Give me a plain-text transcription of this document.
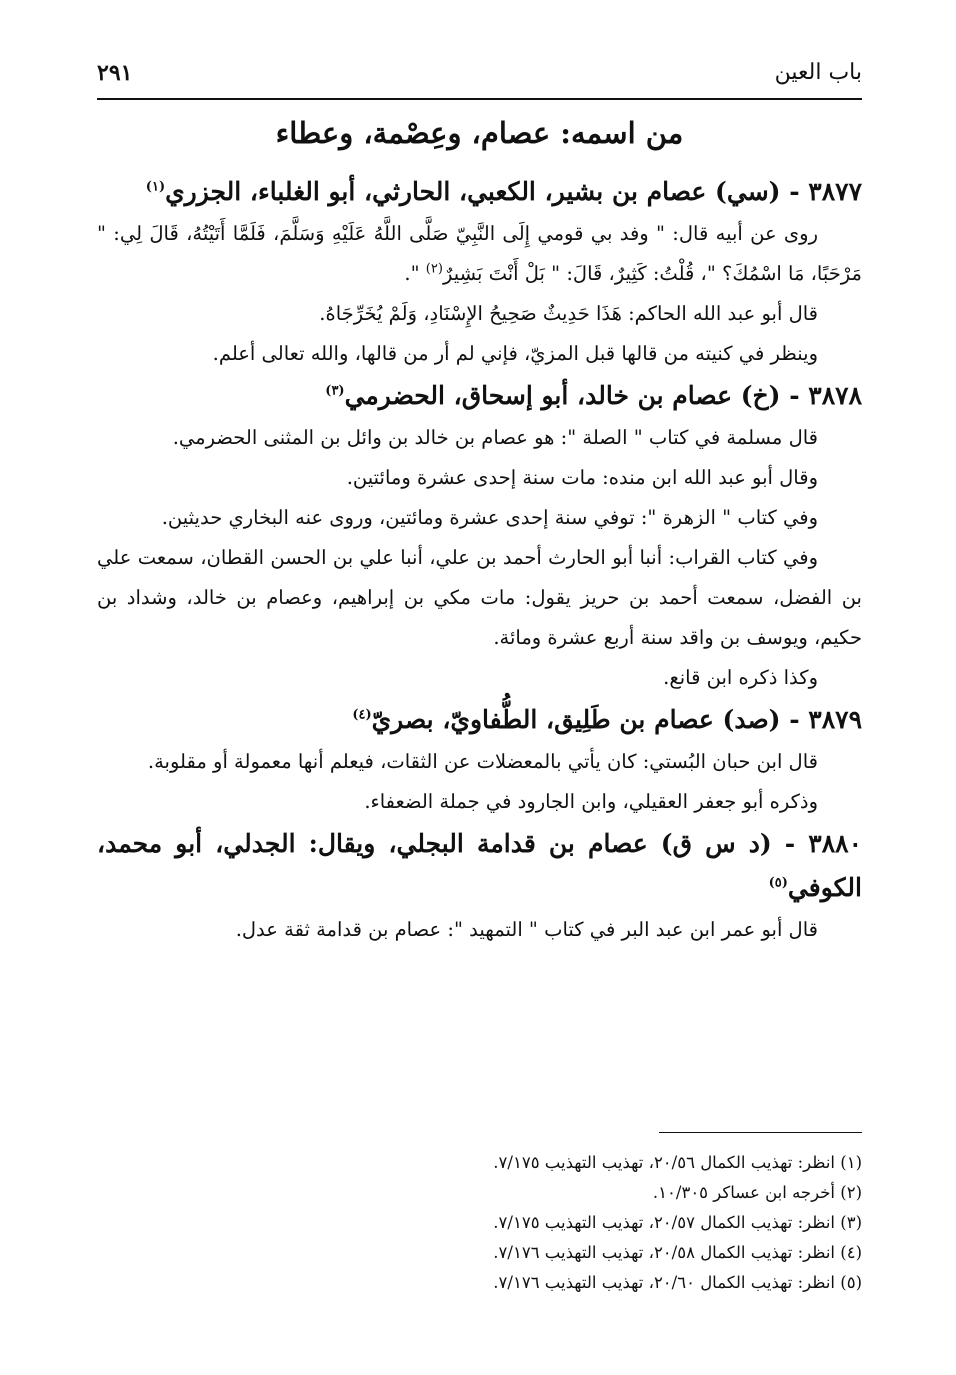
باب العين
٢٩١
من اسمه: عصام، وعِصْمة، وعطاء

٣٨٧٧ - (سي) عصام بن بشير، الكعبي، الحارثي، أبو الغلباء، الجزري$^{(١)}$

روى عن أبيه قال: " وفد بي قومي إِلَى النَّبِيّ صَلَّى اللَّهُ عَلَيْهِ وَسَلَّمَ، فَلَمَّا أَتَيْتُهُ، قَالَ لِي: " مَرْحَبًا، مَا اسْمُكَ؟ "، قُلْتُ: كَثِيرٌ، قَالَ: " بَلْ أَنْتَ بَشِيرٌ$^{(٢)}$ ".

قال أبو عبد الله الحاكم: هَذَا حَدِيثٌ صَحِيحُ الإِسْنَادِ، وَلَمْ يُخَرِّجَاهُ.

وينظر في كنيته من قالها قبل المزيّ، فإني لم أر من قالها، والله تعالى أعلم.

٣٨٧٨ - (خ) عصام بن خالد، أبو إسحاق، الحضرمي$^{(٣)}$

قال مسلمة في كتاب " الصلة ": هو عصام بن خالد بن وائل بن المثنى الحضرمي.

وقال أبو عبد الله ابن منده: مات سنة إحدى عشرة ومائتين.

وفي كتاب " الزهرة ": توفي سنة إحدى عشرة ومائتين، وروى عنه البخاري حديثين.

وفي كتاب القراب: أنبا أبو الحارث أحمد بن علي، أنبا علي بن الحسن القطان، سمعت علي بن الفضل، سمعت أحمد بن حريز يقول: مات مكي بن إبراهيم، وعصام بن خالد، وشداد بن حكيم، ويوسف بن واقد سنة أربع عشرة ومائة.

وكذا ذكره ابن قانع.

٣٨٧٩ - (صد) عصام بن طَلِيق، الطُّفاويّ، بصريّ$^{(٤)}$

قال ابن حبان البُستي: كان يأتي بالمعضلات عن الثقات، فيعلم أنها معمولة أو مقلوبة.

وذكره أبو جعفر العقيلي، وابن الجارود في جملة الضعفاء.

٣٨٨٠ - (د س ق) عصام بن قدامة البجلي، ويقال: الجدلي، أبو محمد، الكوفي$^{(٥)}$

قال أبو عمر ابن عبد البر في كتاب " التمهيد ": عصام بن قدامة ثقة عدل.

(١) انظر: تهذيب الكمال ٢٠/٥٦، تهذيب التهذيب ٧/١٧٥.

(٢) أخرجه ابن عساكر ١٠/٣٠٥.

(٣) انظر: تهذيب الكمال ٢٠/٥٧، تهذيب التهذيب ٧/١٧٥.

(٤) انظر: تهذيب الكمال ٢٠/٥٨، تهذيب التهذيب ٧/١٧٦.

(٥) انظر: تهذيب الكمال ٢٠/٦٠، تهذيب التهذيب ٧/١٧٦.
